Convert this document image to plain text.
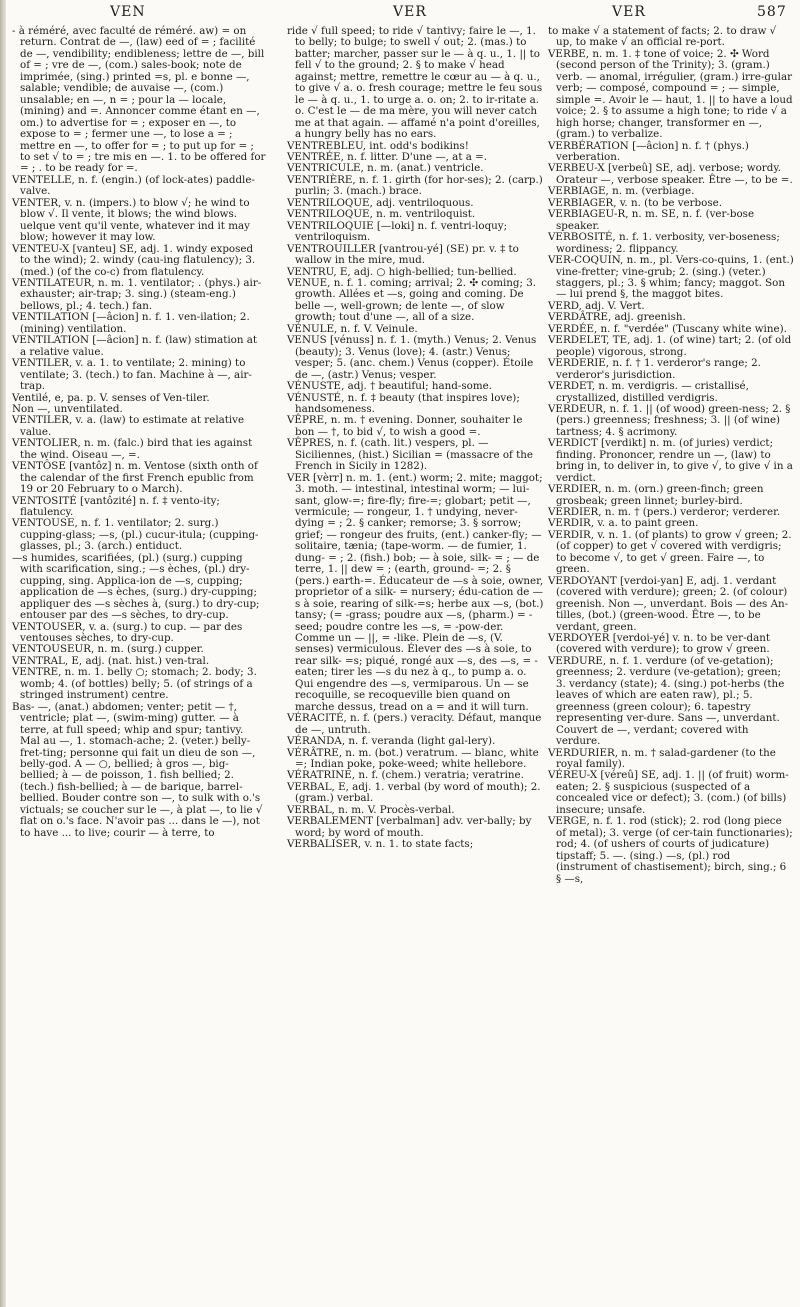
VEN	VER	VER	587

- à réméré, avec faculté de réméré. aw) = on return. Contrat de —, (law) eed of = ; facilité de —, vendibility; endibleness; lettre de —, bill of = ; vre de —, (com.) sales-book; note de imprimée, (sing.) printed =s, pl. e bonne —, salable; vendible; de auvaise —, (com.) unsalable; en —, n = ; pour la — locale, (mining) and =. Annoncer comme étant en —, om.) to advertise for = ; exposer en —, to expose to = ; fermer une —, to lose a = ; mettre en —, to offer for = ; to put up for = ; to set √ to = ; tre mis en —. 1. to be offered for = ; . to be ready for =.

VENTELLE, n. f. (engin.) (of lock-ates) paddle-valve.

VENTER, v. n. (impers.) to blow √; he wind to blow √. Il vente, it blows; the wind blows. uelque vent qu'il vente, whatever ind it may blow; however it may low.

VENTEU-X [vanteu] SE, adj. 1. windy exposed to the wind); 2. windy (cau-ing flatulency); 3. (med.) (of the co-c) from flatulency.

VENTILATEUR, n. m. 1. ventilator; . (phys.) air-exhauster; air-trap; 3. sing.) (steam-eng.) bellows, pl.; 4. tech.) fan.

VENTILATION [—âcion] n. f. 1. ven-ilation; 2. (mining) ventilation.

VENTILATION [—âcion] n. f. (law) stimation at a relative value.

VENTILER, v. a. 1. to ventilate; 2. mining) to ventilate; 3. (tech.) to fan. Machine à —, air-trap.

Ventilé, e, pa. p. V. senses of Ven-tiler.

Non —, unventilated.

VENTILER, v. a. (law) to estimate at relative value.

VENTOLIER, n. m. (falc.) bird that ies against the wind. Oiseau —, =.

VENTÔSE [vantôz] n. m. Ventose (sixth onth of the calendar of the first French epublic from 19 or 20 February to o March).

VENTOSITÉ [vantôzité] n. f. ‡ vento-ity; flatulency.

VENTOUSE, n. f. 1. ventilator; 2. surg.) cupping-glass; —s, (pl.) cucur-itula; (cupping-glasses, pl.; 3. (arch.) entiduct.

—s humides, scarifiées, (pl.) (surg.) cupping with scarification, sing.; —s èches, (pl.) dry-cupping, sing. Applica-ion de —s, cupping; application de —s èches, (surg.) dry-cupping; appliquer des —s sèches à, (surg.) to dry-cup; entouser par des —s sèches, to dry-cup.

VENTOUSER, v. a. (surg.) to cup. — par des ventouses sèches, to dry-cup.

VENTOUSEUR, n. m. (surg.) cupper.

VENTRAL, E, adj. (nat. hist.) ven-tral.

VENTRE, n. m. 1. belly ○; stomach; 2. body; 3. womb; 4. (of bottles) belly; 5. (of strings of a stringed instrument) centre.

Bas- —, (anat.) abdomen; venter; petit — †, ventricle; plat —, (swim-ming) gutter. — à terre, at full speed; whip and spur; tantivy. Mal au —, 1. stomach-ache; 2. (veter.) belly-fret-ting; personne qui fait un dieu de son —, belly-god. A — ○, bellied; à gros —, big-bellied; à — de poisson, 1. fish bellied; 2. (tech.) fish-bellied; à — de barique, barrel-bellied. Bouder contre son —, to sulk with o.'s victuals; se coucher sur le —, à plat —, to lie √ flat on o.'s face. N'avoir pas ... dans le —), not to have ... to live; courir — à terre, to

ride √ full speed; to ride √ tantivy; faire le —, 1. to belly; to bulge; to swell √ out; 2. (mas.) to batter; marcher, passer sur le — à q. u., 1. || to fell √ to the ground; 2. § to make √ head against; mettre, remettre le cœur au — à q. u., to give √ a. o. fresh courage; mettre le feu sous le — à q. u., 1. to urge a. o. on; 2. to ir-ritate a. o. C'est le — de ma mère, you will never catch me at that again. — affamé n'a point d'oreilles, a hungry belly has no ears.

VENTREBLEU, int. odd's bodikins!

VENTRÉE, n. f. litter. D'une —, at a =.

VENTRICULE, n. m. (anat.) ventricle.

VENTRIÈRE, n. f. 1. girth (for hor-ses); 2. (carp.) purlin; 3. (mach.) brace.

VENTRILOQUE, adj. ventriloquous.

VENTRILOQUE, n. m. ventriloquist.

VENTRILOQUIE [—loki] n. f. ventri-loquy; ventriloquism.

VENTROUILLER [vantrou-yé] (SE) pr. v. ‡ to wallow in the mire, mud.

VENTRU, E, adj. ○ high-bellied; tun-bellied.

VENUE, n. f. 1. coming; arrival; 2. ✣ coming; 3. growth. Allées et —s, going and coming. De belle —, well-grown; de lente —, of slow growth; tout d'une —, all of a size.

VÉNULE, n. f. V. Veinule.

VENUS [vénuss] n. f. 1. (myth.) Venus; 2. Venus (beauty); 3. Venus (love); 4. (astr.) Venus; vesper; 5. (anc. chem.) Venus (copper). Étoile de —, (astr.) Venus; vesper.

VÉNUSTE, adj. † beautiful; hand-some.

VÉNUSTÉ, n. f. ‡ beauty (that inspires love); handsomeness.

VÊPRE, n. m. † evening. Donner, souhaiter le bon — †, to bid √, to wish a good =.

VÊPRES, n. f. (cath. lit.) vespers, pl. — Siciliennes, (hist.) Sicilian = (massacre of the French in Sicily in 1282).

VER [vèrr] n. m. 1. (ent.) worm; 2. mite; maggot; 3. moth. — intestinal, intestinal worm; — lui-sant, glow-=; fire-fly; fire-=; globart; petit —, vermicule; — rongeur, 1. † undying, never-dying = ; 2. § canker; remorse; 3. § sorrow; grief; — rongeur des fruits, (ent.) canker-fly; — solitaire, tænia; (tape-worm. — de fumier, 1. dung- = ; 2. (fish.) bob; — à soie, silk- = ; — de terre, 1. || dew = ; (earth, ground- =; 2. § (pers.) earth-=. Éducateur de —s à soie, owner, proprietor of a silk- = nursery; édu-cation de —s à soie, rearing of silk-=s; herbe aux —s, (bot.) tansy; (= -grass; poudre aux —s, (pharm.) = -seed; poudre contre les —s, = -pow-der. Comme un — ||, = -like. Plein de —s, (V. senses) vermiculous. Élever des —s à soie, to rear silk- =s; piqué, rongé aux —s, des —s, = -eaten; tirer les —s du nez à q., to pump a. o. Qui engendre des —s, vermiparous. Un — se recoquille, se recoqueville bien quand on marche dessus, tread on a = and it will turn.

VÉRACITÉ, n. f. (pers.) veracity. Défaut, manque de —, untruth.

VÉRANDA, n. f. veranda (light gal-lery).

VÉRÂTRE, n. m. (bot.) veratrum. — blanc, white =; Indian poke, poke-weed; white hellebore.

VÉRATRINE, n. f. (chem.) veratria; veratrine.

VERBAL, E, adj. 1. verbal (by word of mouth); 2. (gram.) verbal.

VERBAL, n. m. V. Procès-verbal.

VERBALEMENT [verbalman] adv. ver-bally; by word; by word of mouth.

VERBALISER, v. n. 1. to state facts;

to make √ a statement of facts; 2. to draw √ up, to make √ an official re-port.

VERBE, n. m. 1. ‡ tone of voice; 2. ✣ Word (second person of the Trinity); 3. (gram.) verb. — anomal, irrégulier, (gram.) irre-gular verb; — composé, compound = ; — simple, simple =. Avoir le — haut, 1. || to have a loud voice; 2. § to assume a high tone; to ride √ a high horse; changer, transformer en —, (gram.) to verbalize.

VERBÉRATION [—âcion] n. f. † (phys.) verberation.

VERBEU-X [verbeû] SE, adj. verbose; wordy. Orateur —, verbose speaker. Être —, to be =.

VERBIAGE, n. m. (verbiage.

VERBIAGER, v. n. (to be verbose.

VERBIAGEU-R, n. m. SE, n. f. (ver-bose speaker.

VERBOSITÉ, n. f. 1. verbosity, ver-boseness; wordiness; 2. flippancy.

VER-COQUIN, n. m., pl. Vers-co-quins, 1. (ent.) vine-fretter; vine-grub; 2. (sing.) (veter.) staggers, pl.; 3. § whim; fancy; maggot. Son — lui prend §, the maggot bites.

VERD, adj. V. Vert.

VERDÂTRE, adj. greenish.

VERDÉE, n. f. "verdée" (Tuscany white wine).

VERDELET, TE, adj. 1. (of wine) tart; 2. (of old people) vigorous, strong.

VERDERIE, n. f. † 1. verderor's range; 2. verderor's jurisdiction.

VERDET, n. m. verdigris. — cristallisé, crystallized, distilled verdigris.

VERDEUR, n. f. 1. || (of wood) green-ness; 2. § (pers.) greenness; freshness; 3. || (of wine) tartness; 4. § acrimony.

VERDICT [verdikt] n. m. (of juries) verdict; finding. Prononcer, rendre un —, (law) to bring in, to deliver in, to give √, to give √ in a verdict.

VERDIER, n. m. (orn.) green-finch; green grosbeak; green linnet; burley-bird.

VERDIER, n. m. † (pers.) verderor; verderer.

VERDIR, v. a. to paint green.

VERDIR, v. n. 1. (of plants) to grow √ green; 2. (of copper) to get √ covered with verdigris; to become √, to get √ green. Faire —, to green.

VERDOYANT [verdoi-yan] E, adj. 1. verdant (covered with verdure); green; 2. (of colour) greenish. Non —, unverdant. Bois — des An-tilles, (bot.) (green-wood. Être —, to be verdant, green.

VERDOYER [verdoi-yé] v. n. to be ver-dant (covered with verdure); to grow √ green.

VERDURE, n. f. 1. verdure (of ve-getation); greenness; 2. verdure (ve-getation); green; 3. verdancy (state); 4. (sing.) pot-herbs (the leaves of which are eaten raw), pl.; 5. greenness (green colour); 6. tapestry representing ver-dure. Sans —, unverdant. Couvert de —, verdant; covered with verdure.

VERDURIER, n. m. † salad-gardener (to the royal family).

VÉREU-X [véreû] SE, adj. 1. || (of fruit) worm-eaten; 2. § suspicious (suspected of a concealed vice or defect); 3. (com.) (of bills) insecure; unsafe.

VERGE, n. f. 1. rod (stick); 2. rod (long piece of metal); 3. verge (of cer-tain functionaries); rod; 4. (of ushers of courts of judicature) tipstaff; 5. —. (sing.) —s, (pl.) rod (instrument of chastisement); birch, sing.; 6 § —s,
